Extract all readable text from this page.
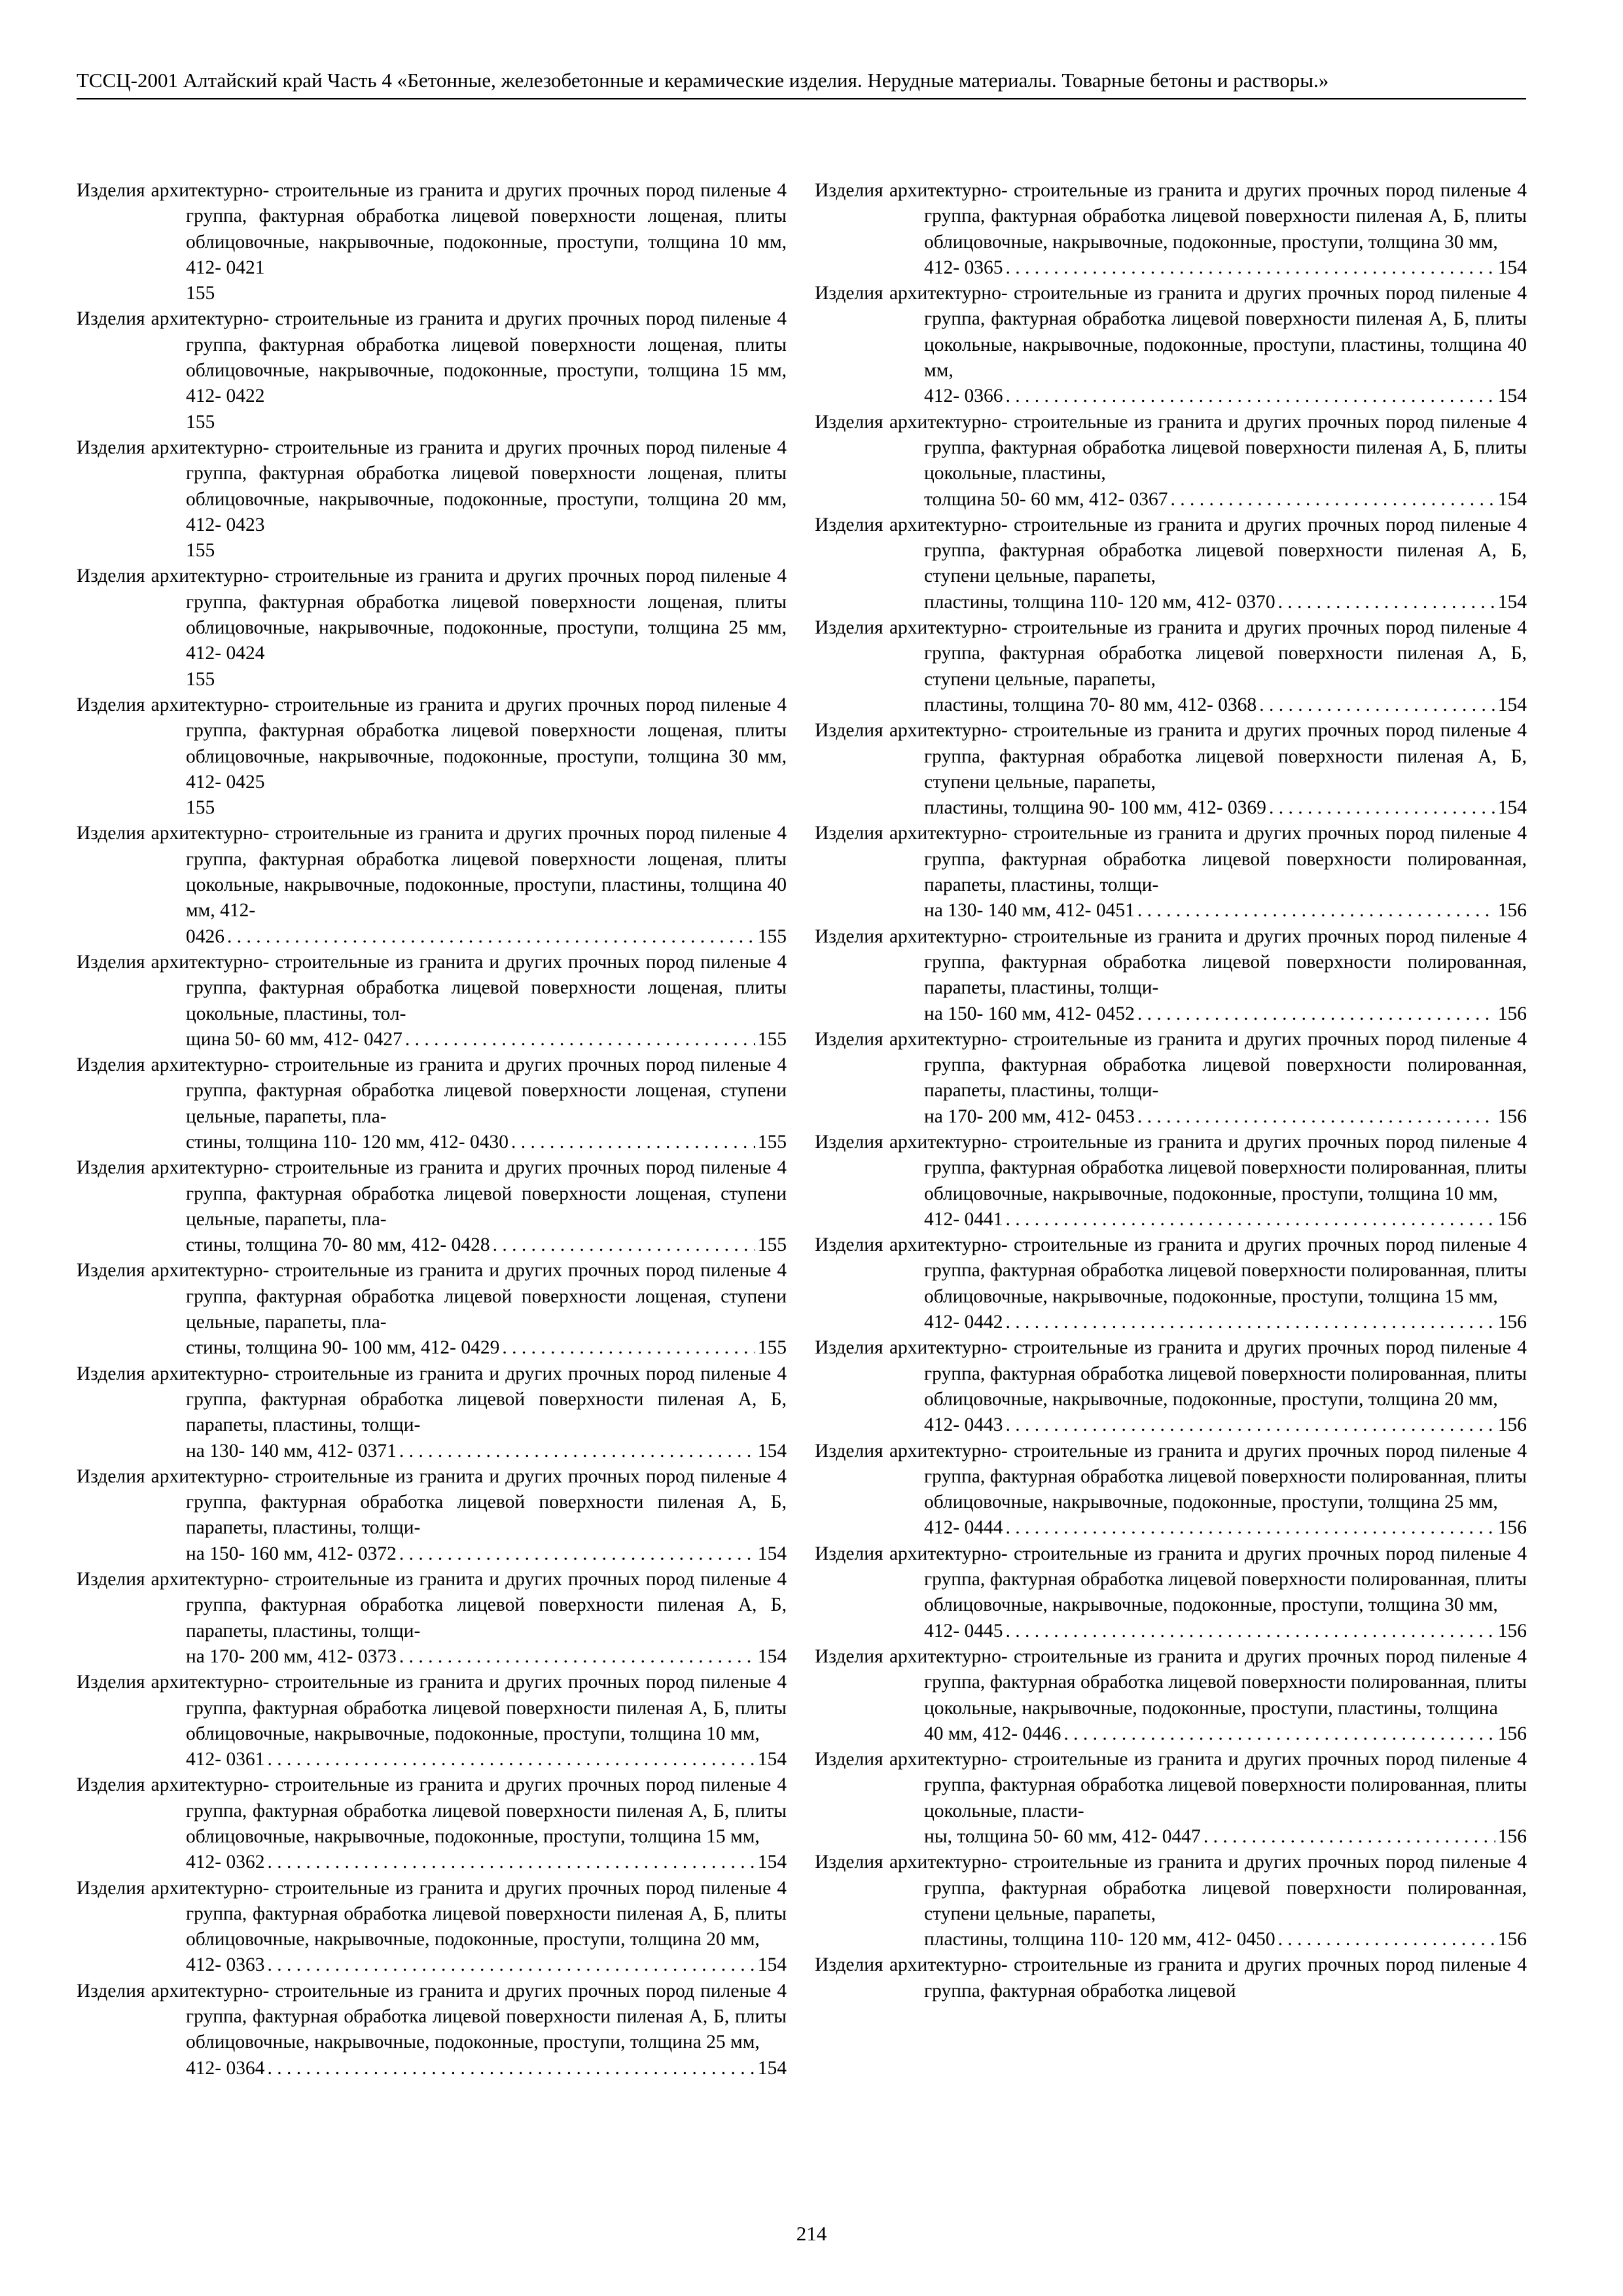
ТССЦ-2001 Алтайский край Часть 4 «Бетонные, железобетонные и керамические изделия. Нерудные материалы. Товарные бетоны и растворы.»
Изделия архитектурно- строительные из гранита и других прочных пород пиленые 4 группа, фактурная обработка лицевой поверхности лощеная, плиты облицовочные, накрывочные, подоконные, проступи, толщина 10 мм, 412- 0421
155
Изделия архитектурно- строительные из гранита и других прочных пород пиленые 4 группа, фактурная обработка лицевой поверхности лощеная, плиты облицовочные, накрывочные, подоконные, проступи, толщина 15 мм, 412- 0422
155
Изделия архитектурно- строительные из гранита и других прочных пород пиленые 4 группа, фактурная обработка лицевой поверхности лощеная, плиты облицовочные, накрывочные, подоконные, проступи, толщина 20 мм, 412- 0423
155
Изделия архитектурно- строительные из гранита и других прочных пород пиленые 4 группа, фактурная обработка лицевой поверхности лощеная, плиты облицовочные, накрывочные, подоконные, проступи, толщина 25 мм, 412- 0424
155
Изделия архитектурно- строительные из гранита и других прочных пород пиленые 4 группа, фактурная обработка лицевой поверхности лощеная, плиты облицовочные, накрывочные, подоконные, проступи, толщина 30 мм, 412- 0425
155
Изделия архитектурно- строительные из гранита и других прочных пород пиленые 4 группа, фактурная обработка лицевой поверхности лощеная, плиты цокольные, накрывочные, подоконные, проступи, пластины, толщина 40 мм, 412-
0426 . . .	155
Изделия архитектурно- строительные из гранита и других прочных пород пиленые 4 группа, фактурная обработка лицевой поверхности лощеная, плиты цокольные, пластины, тол-
щина 50- 60 мм, 412- 0427 . . .	155
Изделия архитектурно- строительные из гранита и других прочных пород пиленые 4 группа, фактурная обработка лицевой поверхности лощеная, ступени цельные, парапеты, пла-
стины, толщина 110- 120 мм, 412- 0430 . . .	155
Изделия архитектурно- строительные из гранита и других прочных пород пиленые 4 группа, фактурная обработка лицевой поверхности лощеная, ступени цельные, парапеты, пла-
стины, толщина 70- 80 мм, 412- 0428 . . .	155
Изделия архитектурно- строительные из гранита и других прочных пород пиленые 4 группа, фактурная обработка лицевой поверхности лощеная, ступени цельные, парапеты, пла-
стины, толщина 90- 100 мм, 412- 0429 . . .	155
Изделия архитектурно- строительные из гранита и других прочных пород пиленые 4 группа, фактурная обработка лицевой поверхности пиленая А, Б, парапеты, пластины, толщи-
на 130- 140 мм, 412- 0371 . . .	154
Изделия архитектурно- строительные из гранита и других прочных пород пиленые 4 группа, фактурная обработка лицевой поверхности пиленая А, Б, парапеты, пластины, толщи-
на 150- 160 мм, 412- 0372 . . .	154
Изделия архитектурно- строительные из гранита и других прочных пород пиленые 4 группа, фактурная обработка лицевой поверхности пиленая А, Б, парапеты, пластины, толщи-
на 170- 200 мм, 412- 0373 . . .	154
Изделия архитектурно- строительные из гранита и других прочных пород пиленые 4 группа, фактурная обработка лицевой поверхности пиленая А, Б, плиты облицовочные, накрывочные, подоконные, проступи, толщина 10 мм,
412- 0361 . . .	154
Изделия архитектурно- строительные из гранита и других прочных пород пиленые 4 группа, фактурная обработка лицевой поверхности пиленая А, Б, плиты облицовочные, накрывочные, подоконные, проступи, толщина 15 мм,
412- 0362 . . .	154
Изделия архитектурно- строительные из гранита и других прочных пород пиленые 4 группа, фактурная обработка лицевой поверхности пиленая А, Б, плиты облицовочные, накрывочные, подоконные, проступи, толщина 20 мм,
412- 0363 . . .	154
Изделия архитектурно- строительные из гранита и других прочных пород пиленые 4 группа, фактурная обработка лицевой поверхности пиленая А, Б, плиты облицовочные, накрывочные, подоконные, проступи, толщина 25 мм,
412- 0364 . . .	154
Изделия архитектурно- строительные из гранита и других прочных пород пиленые 4 группа, фактурная обработка лицевой поверхности пиленая А, Б, плиты облицовочные, накрывочные, подоконные, проступи, толщина 30 мм,
412- 0365 . . .	154
Изделия архитектурно- строительные из гранита и других прочных пород пиленые 4 группа, фактурная обработка лицевой поверхности пиленая А, Б, плиты цокольные, накрывочные, подоконные, проступи, пластины, толщина 40 мм,
412- 0366 . . .	154
Изделия архитектурно- строительные из гранита и других прочных пород пиленые 4 группа, фактурная обработка лицевой поверхности пиленая А, Б, плиты цокольные, пластины,
толщина 50- 60 мм, 412- 0367 . . .	154
Изделия архитектурно- строительные из гранита и других прочных пород пиленые 4 группа, фактурная обработка лицевой поверхности пиленая А, Б, ступени цельные, парапеты,
пластины, толщина 110- 120 мм, 412- 0370 . . .	154
Изделия архитектурно- строительные из гранита и других прочных пород пиленые 4 группа, фактурная обработка лицевой поверхности пиленая А, Б, ступени цельные, парапеты,
пластины, толщина 70- 80 мм, 412- 0368 . . .	154
Изделия архитектурно- строительные из гранита и других прочных пород пиленые 4 группа, фактурная обработка лицевой поверхности пиленая А, Б, ступени цельные, парапеты,
пластины, толщина 90- 100 мм, 412- 0369 . . .	154
Изделия архитектурно- строительные из гранита и других прочных пород пиленые 4 группа, фактурная обработка лицевой поверхности полированная, парапеты, пластины, толщи-
на 130- 140 мм, 412- 0451 . . .	156
Изделия архитектурно- строительные из гранита и других прочных пород пиленые 4 группа, фактурная обработка лицевой поверхности полированная, парапеты, пластины, толщи-
на 150- 160 мм, 412- 0452 . . .	156
Изделия архитектурно- строительные из гранита и других прочных пород пиленые 4 группа, фактурная обработка лицевой поверхности полированная, парапеты, пластины, толщи-
на 170- 200 мм, 412- 0453 . . .	156
Изделия архитектурно- строительные из гранита и других прочных пород пиленые 4 группа, фактурная обработка лицевой поверхности полированная, плиты облицовочные, накрывочные, подоконные, проступи, толщина 10 мм,
412- 0441 . . .	156
Изделия архитектурно- строительные из гранита и других прочных пород пиленые 4 группа, фактурная обработка лицевой поверхности полированная, плиты облицовочные, накрывочные, подоконные, проступи, толщина 15 мм,
412- 0442 . . .	156
Изделия архитектурно- строительные из гранита и других прочных пород пиленые 4 группа, фактурная обработка лицевой поверхности полированная, плиты облицовочные, накрывочные, подоконные, проступи, толщина 20 мм,
412- 0443 . . .	156
Изделия архитектурно- строительные из гранита и других прочных пород пиленые 4 группа, фактурная обработка лицевой поверхности полированная, плиты облицовочные, накрывочные, подоконные, проступи, толщина 25 мм,
412- 0444 . . .	156
Изделия архитектурно- строительные из гранита и других прочных пород пиленые 4 группа, фактурная обработка лицевой поверхности полированная, плиты облицовочные, накрывочные, подоконные, проступи, толщина 30 мм,
412- 0445 . . .	156
Изделия архитектурно- строительные из гранита и других прочных пород пиленые 4 группа, фактурная обработка лицевой поверхности полированная, плиты цокольные, накрывочные, подоконные, проступи, пластины, толщина
40 мм, 412- 0446 . . .	156
Изделия архитектурно- строительные из гранита и других прочных пород пиленые 4 группа, фактурная обработка лицевой поверхности полированная, плиты цокольные, пласти-
ны, толщина 50- 60 мм, 412- 0447 . . .	156
Изделия архитектурно- строительные из гранита и других прочных пород пиленые 4 группа, фактурная обработка лицевой поверхности полированная, ступени цельные, парапеты,
пластины, толщина 110- 120 мм, 412- 0450 . . .	156
Изделия архитектурно- строительные из гранита и других прочных пород пиленые 4 группа, фактурная обработка лицевой
214
